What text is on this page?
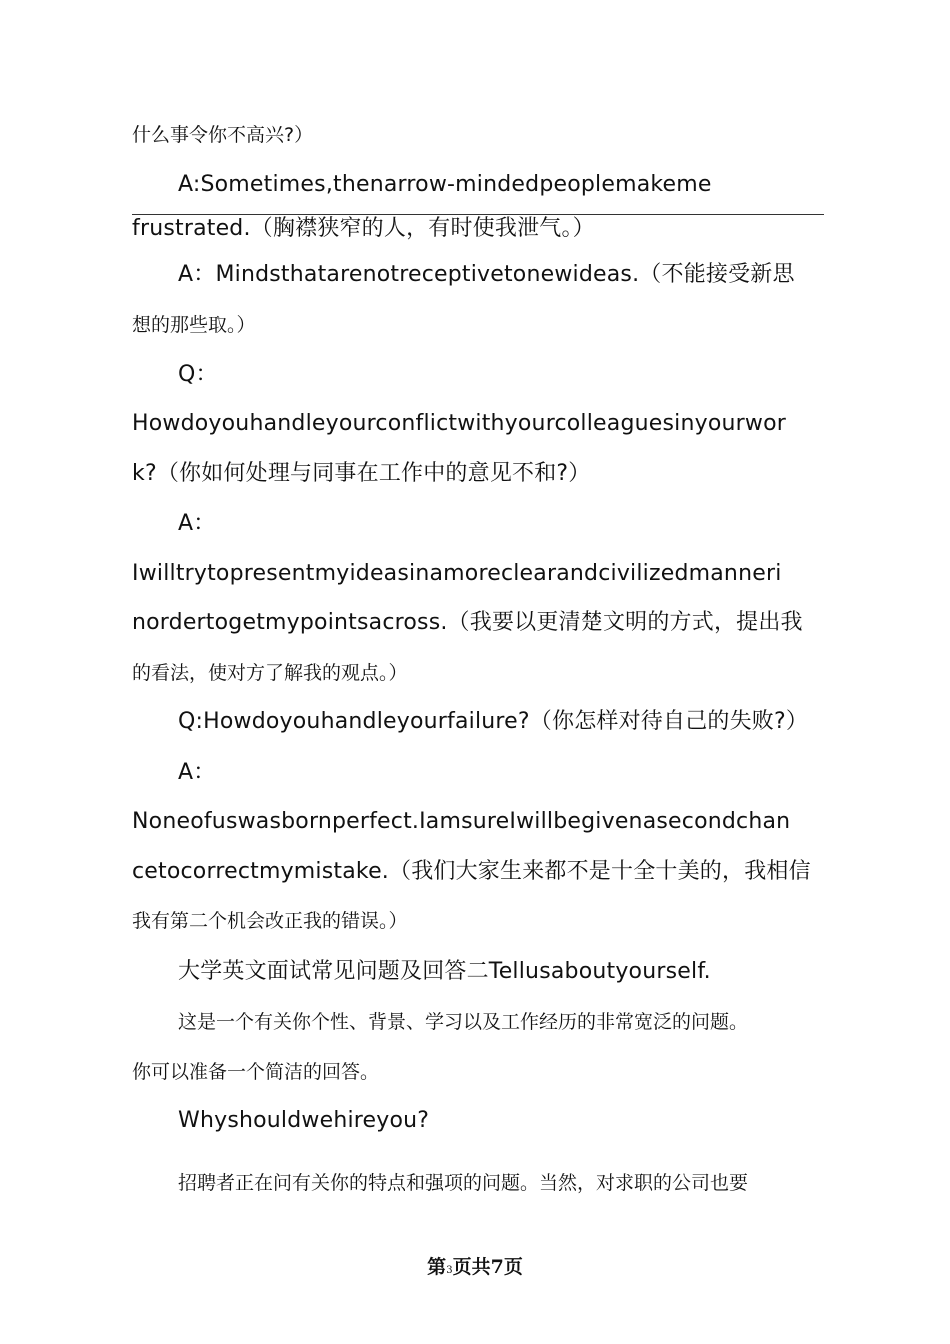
什么事令你不高兴?）
A:Sometimes,thenarrow-mindedpeoplemakeme
frustrated.（胸襟狭窄的人，有时使我泄气。）
A：Mindsthatarenotreceptivetonewideas.（不能接受新思
想的那些取。）
Q：
Howdoyouhandleyourconflictwithyourcolleaguesinyourwor
k?（你如何处理与同事在工作中的意见不和?）
A：
Iwilltrytopresentmyideasinamoreclearandcivilizedmanneri
nordertogetmypointsacross.（我要以更清楚文明的方式，提出我
的看法，使对方了解我的观点。）
Q:Howdoyouhandleyourfailure?（你怎样对待自己的失败?）
A：
Noneofuswasbornperfect.IamsureIwillbegivenasecondchan
cetocorrectmymistake.（我们大家生来都不是十全十美的，我相信
我有第二个机会改正我的错误。）
大学英文面试常见问题及回答二Tellusaboutyourself.
这是一个有关你个性、背景、学习以及工作经历的非常宽泛的问题。
你可以准备一个简洁的回答。
Whyshouldwehireyou?
招聘者正在问有关你的特点和强项的问题。当然，对求职的公司也要
第3页共7页
